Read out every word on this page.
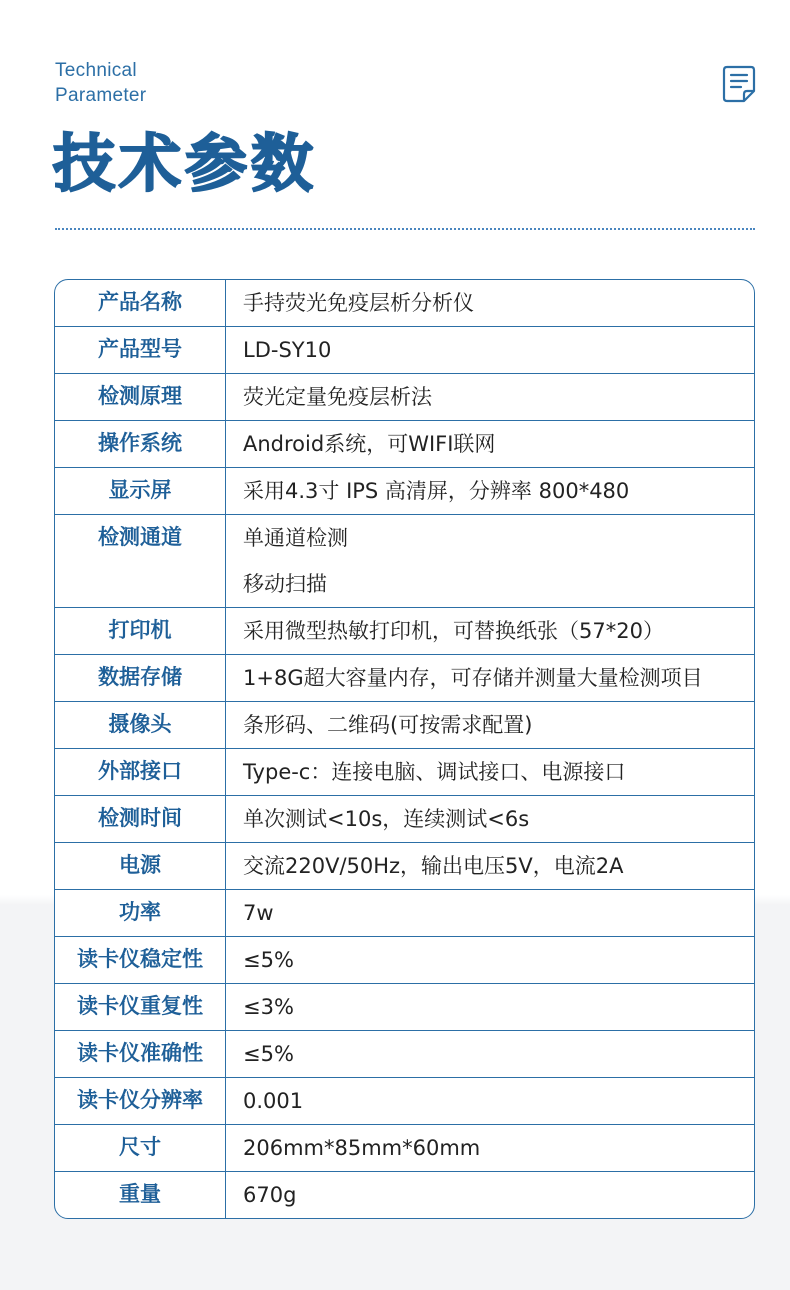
Technical
Parameter
技术参数
产品名称	手持荧光免疫层析分析仪
产品型号	LD-SY10
检测原理	荧光定量免疫层析法
操作系统	Android系统，可WIFI联网
显示屏	采用4.3寸 IPS 高清屏，分辨率 800*480
检测通道	单通道检测
移动扫描
打印机	采用微型热敏打印机，可替换纸张（57*20）
数据存储	1+8G超大容量内存，可存储并测量大量检测项目
摄像头	条形码、二维码(可按需求配置)
外部接口	Type-c：连接电脑、调试接口、电源接口
检测时间	单次测试<10s，连续测试<6s
电源	交流220V/50Hz，输出电压5V，电流2A
功率	7w
读卡仪稳定性 ≤5%
读卡仪重复性 ≤3%
读卡仪准确性 ≤5%
读卡仪分辨率 0.001
尺寸	206mm*85mm*60mm
重量	670g
